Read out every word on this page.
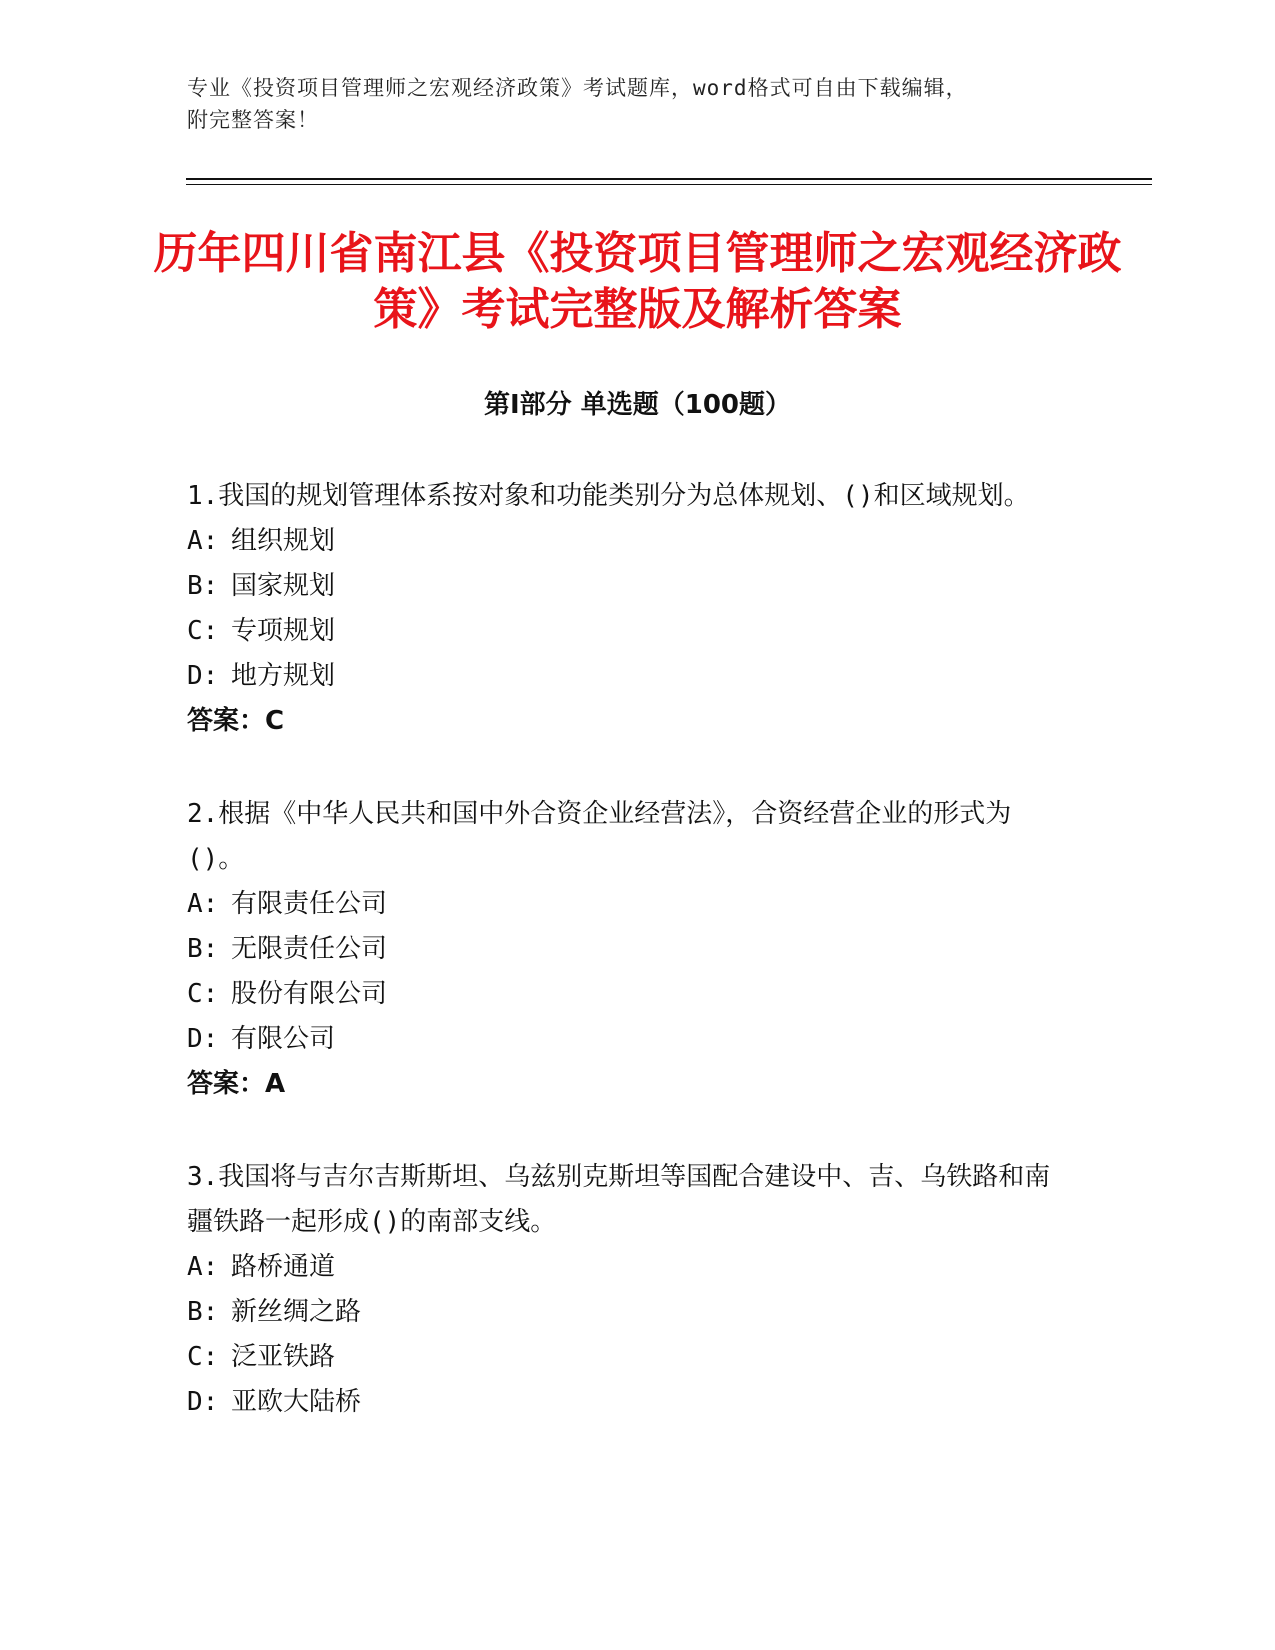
专业《投资项目管理师之宏观经济政策》考试题库，word格式可自由下载编辑，
附完整答案！
历年四川省南江县《投资项目管理师之宏观经济政策》考试完整版及解析答案
第Ⅰ部分 单选题（100题）

1.我国的规划管理体系按对象和功能类别分为总体规划、()和区域规划。

A: 组织规划

B: 国家规划

C: 专项规划

D: 地方规划

答案：C

2.根据《中华人民共和国中外合资企业经营法》，合资经营企业的形式为()。

A: 有限责任公司

B: 无限责任公司

C: 股份有限公司

D: 有限公司

答案：A

3.我国将与吉尔吉斯斯坦、乌兹别克斯坦等国配合建设中、吉、乌铁路和南疆铁路一起形成()的南部支线。

A: 路桥通道

B: 新丝绸之路

C: 泛亚铁路

D: 亚欧大陆桥
